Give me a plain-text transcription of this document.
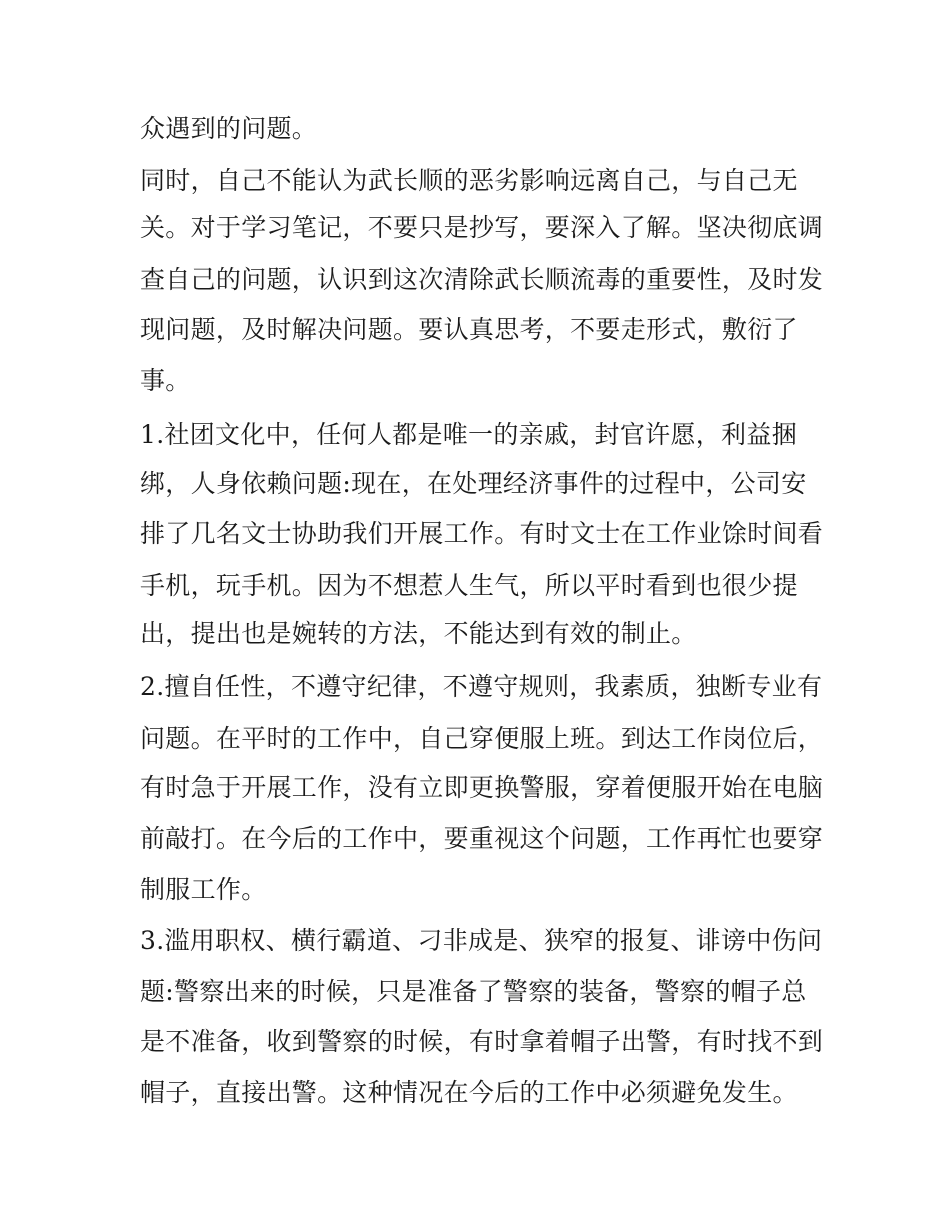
众遇到的问题。
同时，自己不能认为武长顺的恶劣影响远离自己，与自己无
关。对于学习笔记，不要只是抄写，要深入了解。坚决彻底调
查自己的问题，认识到这次清除武长顺流毒的重要性，及时发
现问题，及时解决问题。要认真思考，不要走形式，敷衍了
事。
1.社团文化中，任何人都是唯一的亲戚，封官许愿，利益捆
绑，人身依赖问题:现在，在处理经济事件的过程中，公司安
排了几名文士协助我们开展工作。有时文士在工作业馀时间看
手机，玩手机。因为不想惹人生气，所以平时看到也很少提
出，提出也是婉转的方法，不能达到有效的制止。
2.擅自任性，不遵守纪律，不遵守规则，我素质，独断专业有
问题。在平时的工作中，自己穿便服上班。到达工作岗位后，
有时急于开展工作，没有立即更换警服，穿着便服开始在电脑
前敲打。在今后的工作中，要重视这个问题，工作再忙也要穿
制服工作。
3.滥用职权、横行霸道、刁非成是、狭窄的报复、诽谤中伤问
题:警察出来的时候，只是准备了警察的装备，警察的帽子总
是不准备，收到警察的时候，有时拿着帽子出警，有时找不到
帽子，直接出警。这种情况在今后的工作中必须避免发生。
